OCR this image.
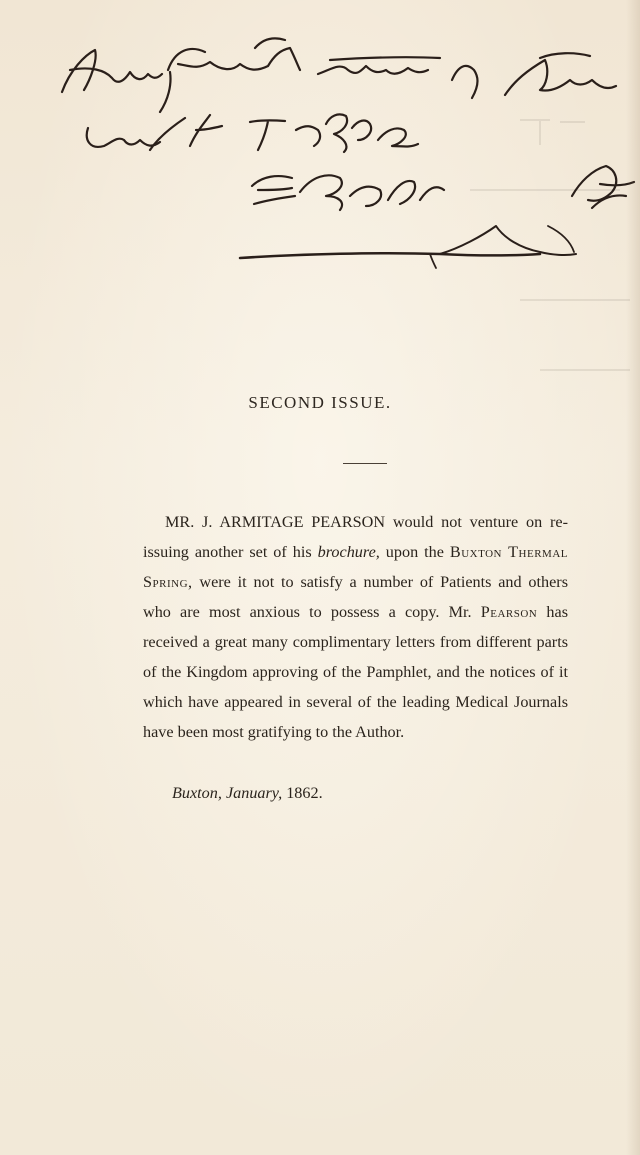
SECOND ISSUE.

MR. J. ARMITAGE PEARSON would not venture on re-issuing another set of his brochure, upon the Buxton Thermal Spring, were it not to satisfy a number of Patients and others who are most anxious to possess a copy. Mr. Pearson has received a great many complimentary letters from different parts of the Kingdom approving of the Pamphlet, and the notices of it which have appeared in several of the leading Medical Journals have been most gratifying to the Author.

Buxton, January, 1862.
